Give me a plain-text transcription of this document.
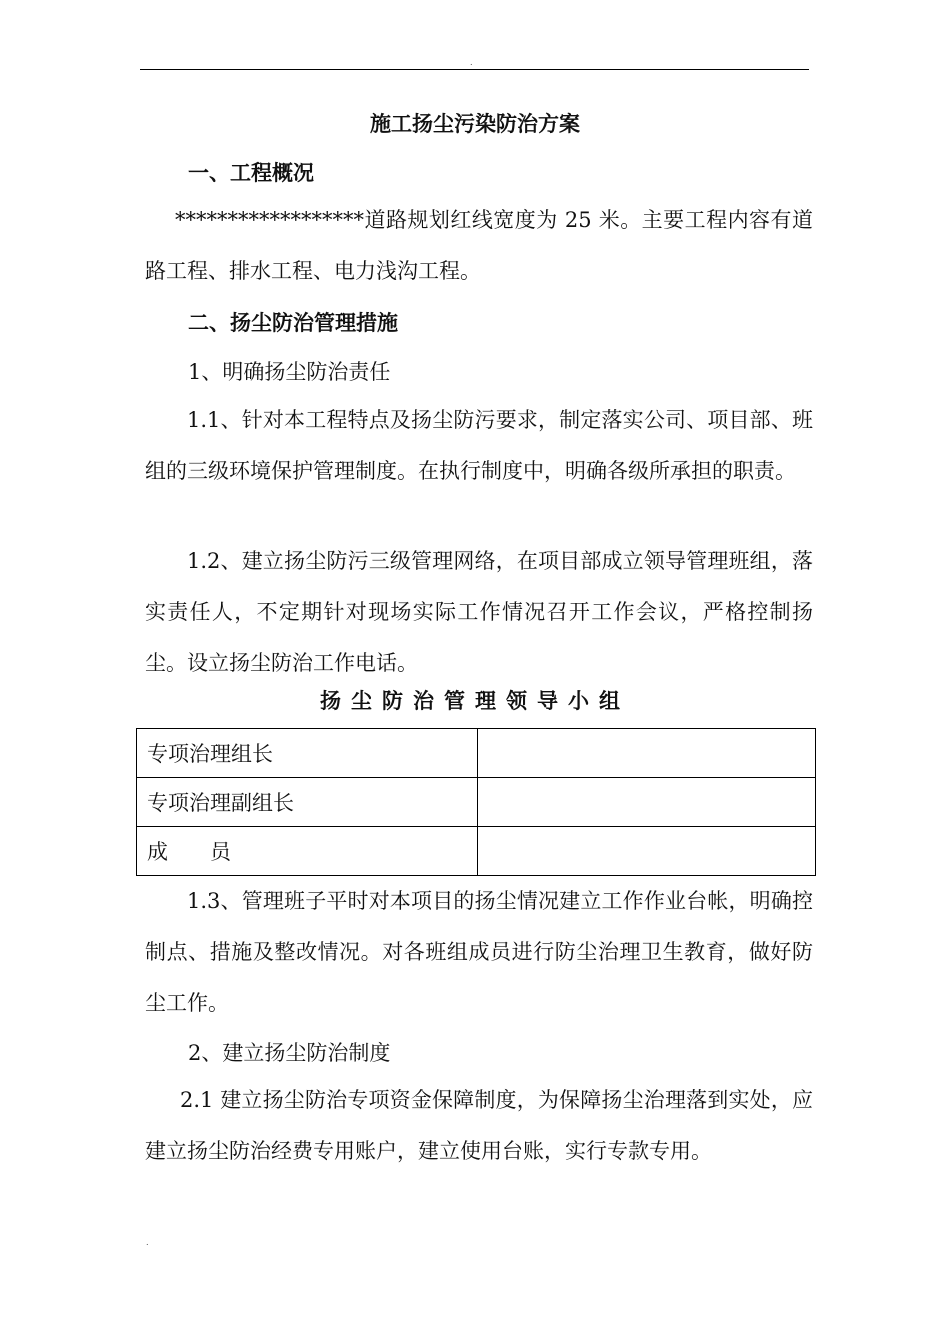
.
施工扬尘污染防治方案
一、工程概况

******************道路规划红线宽度为 25 米。主要工程内容有道路工程、排水工程、电力浅沟工程。

二、扬尘防治管理措施
1、明确扬尘防治责任

1.1、针对本工程特点及扬尘防污要求，制定落实公司、项目部、班组的三级环境保护管理制度。在执行制度中，明确各级所承担的职责。

1.2、建立扬尘防污三级管理网络，在项目部成立领导管理班组，落实责任人，不定期针对现场实际工作情况召开工作会议，严格控制扬尘。设立扬尘防治工作电话。

扬尘防治管理领导小组
专项治理组长	
专项治理副组长	
成　　员	

1.3、管理班子平时对本项目的扬尘情况建立工作作业台帐，明确控制点、措施及整改情况。对各班组成员进行防尘治理卫生教育，做好防尘工作。

2、建立扬尘防治制度

2.1 建立扬尘防治专项资金保障制度，为保障扬尘治理落到实处，应建立扬尘防治经费专用账户，建立使用台账，实行专款专用。

.
